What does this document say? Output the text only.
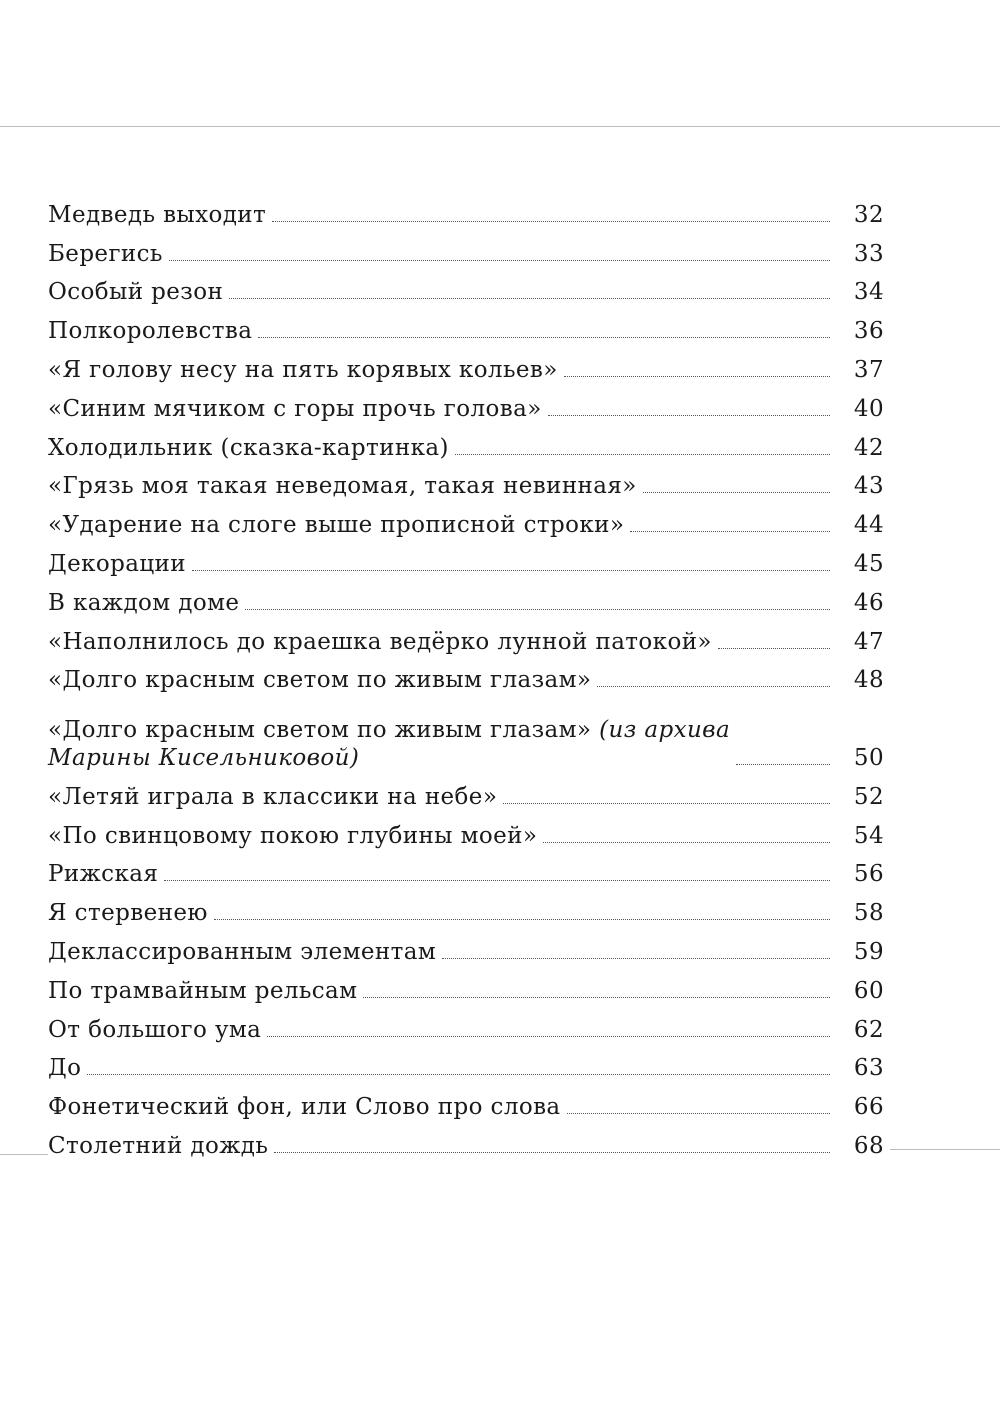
Медведь выходит	32
Берегись	33
Особый резон	34
Полкоролевства	36
«Я голову несу на пять корявых кольев»	37
«Синим мячиком с горы прочь голова»	40
Холодильник (сказка-картинка)	42
«Грязь моя такая неведомая, такая невинная»	43
«Ударение на слоге выше прописной строки»	44
Декорации	45
В каждом доме	46
«Наполнилось до краешка ведёрко лунной патокой»	47
«Долго красным светом по живым глазам»	48
«Долго красным светом по живым глазам» (из архива
Марины Кисельниковой)	50
«Летяй играла в классики на небе»	52
«По свинцовому покою глубины моей»	54
Рижская	56
Я стервенею	58
Деклассированным элементам	59
По трамвайным рельсам	60
От большого ума	62
До	63
Фонетический фон, или Слово про слова	66
Столетний дождь	68
